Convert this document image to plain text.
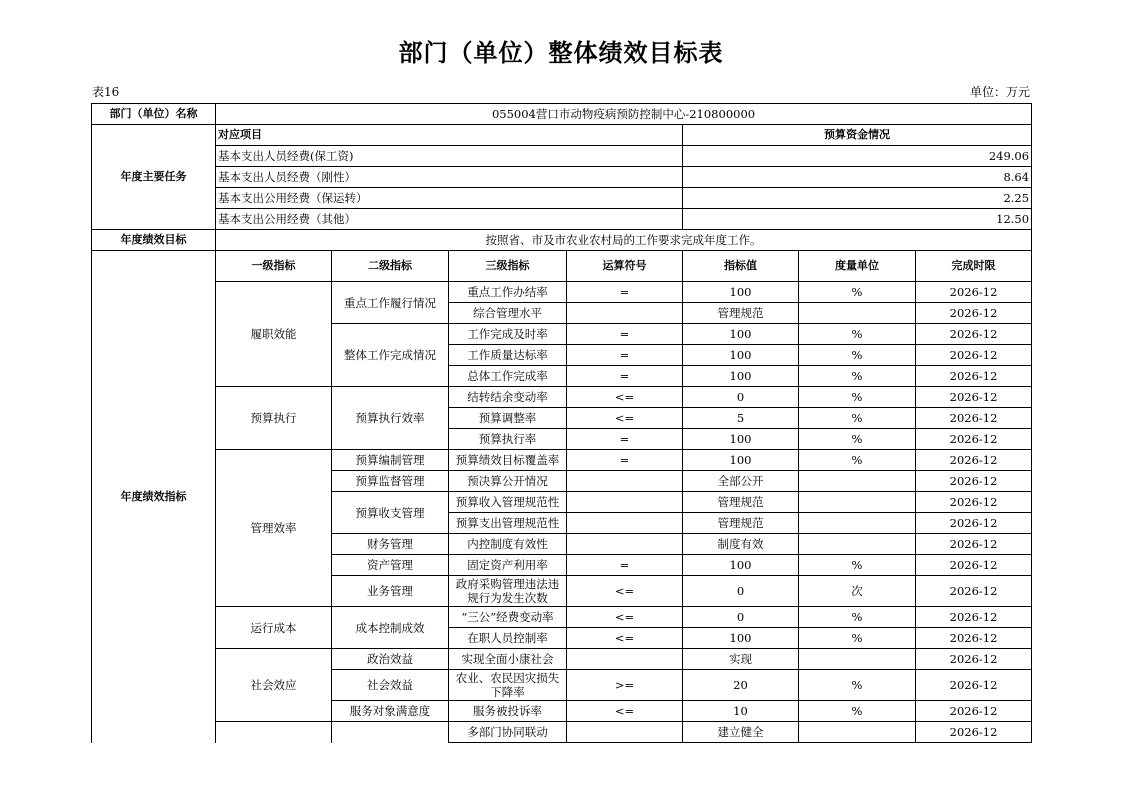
部门（单位）整体绩效目标表
表16	单位：万元
部门（单位）名称	055004营口市动物疫病预防控制中心-210800000						
年度主要任务	对应项目				预算资金情况		
	基本支出人员经费(保工资)				249.06		
	基本支出人员经费（刚性）				8.64		
	基本支出公用经费（保运转）				2.25		
	基本支出公用经费（其他）				12.50		
年度绩效目标	按照省、市及市农业农村局的工作要求完成年度工作。						
年度绩效指标	一级指标	二级指标	三级指标	运算符号	指标值	度量单位	完成时限
	履职效能	重点工作履行情况	重点工作办结率	=	100	%	2026-12
			综合管理水平		管理规范		2026-12
		整体工作完成情况	工作完成及时率	=	100	%	2026-12
			工作质量达标率	=	100	%	2026-12
			总体工作完成率	=	100	%	2026-12
	预算执行	预算执行效率	结转结余变动率	<=	0	%	2026-12
			预算调整率	<=	5	%	2026-12
			预算执行率	=	100	%	2026-12
	管理效率	预算编制管理	预算绩效目标覆盖率	=	100	%	2026-12
		预算监督管理	预决算公开情况		全部公开		2026-12
		预算收支管理	预算收入管理规范性		管理规范		2026-12
			预算支出管理规范性		管理规范		2026-12
		财务管理	内控制度有效性		制度有效		2026-12
		资产管理	固定资产利用率	=	100	%	2026-12
		业务管理	政府采购管理违法违规行为发生次数	<=	0	次	2026-12
	运行成本	成本控制成效	“三公”经费变动率	<=	0	%	2026-12
			在职人员控制率	<=	100	%	2026-12
	社会效应	政治效益	实现全面小康社会		实现		2026-12
		社会效益	农业、农民因灾损失下降率	>=	20	%	2026-12
		服务对象满意度	服务被投诉率	<=	10	%	2026-12
			多部门协同联动		建立健全		2026-12
